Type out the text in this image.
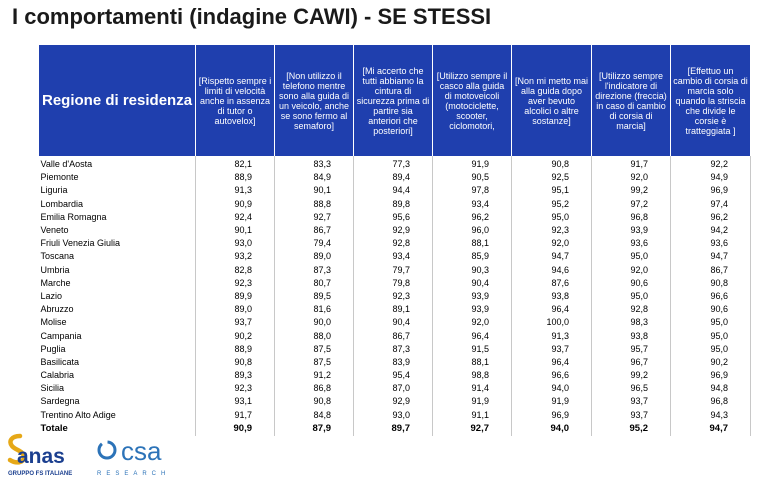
I comportamenti (indagine CAWI) - SE STESSI
Regione di residenza	[Rispetto sempre i limiti di velocità anche in assenza di tutor o autovelox]	[Non utilizzo il telefono mentre sono alla guida di un veicolo, anche se sono fermo al semaforo]	[Mi accerto che tutti abbiamo la cintura di sicurezza prima di partire sia anteriori che posteriori]	[Utilizzo sempre il casco alla guida di motoveicoli (motociclette, scooter, ciclomotori,	[Non mi metto mai alla guida dopo aver bevuto alcolici o altre sostanze]	[Utilizzo sempre l'indicatore di direzione (freccia) in caso di cambio di corsia di marcia]	[Effettuo un cambio di corsia di marcia solo quando la striscia che divide le corsie è tratteggiata ]
Valle d'Aosta	82,1	83,3	77,3	91,9	90,8	91,7	92,2
Piemonte	88,9	84,9	89,4	90,5	92,5	92,0	94,9
Liguria	91,3	90,1	94,4	97,8	95,1	99,2	96,9
Lombardia	90,9	88,8	89,8	93,4	95,2	97,2	97,4
Emilia Romagna	92,4	92,7	95,6	96,2	95,0	96,8	96,2
Veneto	90,1	86,7	92,9	96,0	92,3	93,9	94,2
Friuli Venezia Giulia	93,0	79,4	92,8	88,1	92,0	93,6	93,6
Toscana	93,2	89,0	93,4	85,9	94,7	95,0	94,7
Umbria	82,8	87,3	79,7	90,3	94,6	92,0	86,7
Marche	92,3	80,7	79,8	90,4	87,6	90,6	90,8
Lazio	89,9	89,5	92,3	93,9	93,8	95,0	96,6
Abruzzo	89,0	81,6	89,1	93,9	96,4	92,8	90,6
Molise	93,7	90,0	90,4	92,0	100,0	98,3	95,0
Campania	90,2	88,0	86,7	96,4	91,3	93,8	95,0
Puglia	88,9	87,5	87,3	91,5	93,7	95,7	95,0
Basilicata	90,8	87,5	83,9	88,1	96,4	96,7	90,2
Calabria	89,3	91,2	95,4	98,8	96,6	99,2	96,9
Sicilia	92,3	86,8	87,0	91,4	94,0	96,5	94,8
Sardegna	93,1	90,8	92,9	91,9	91,9	93,7	96,8
Trentino Alto Adige	91,7	84,8	93,0	91,1	96,9	93,7	94,3
Totale	90,9	87,9	89,7	92,7	94,0	95,2	94,7
anas
GRUPPO FS ITALIANE
csa
RESEARCH
